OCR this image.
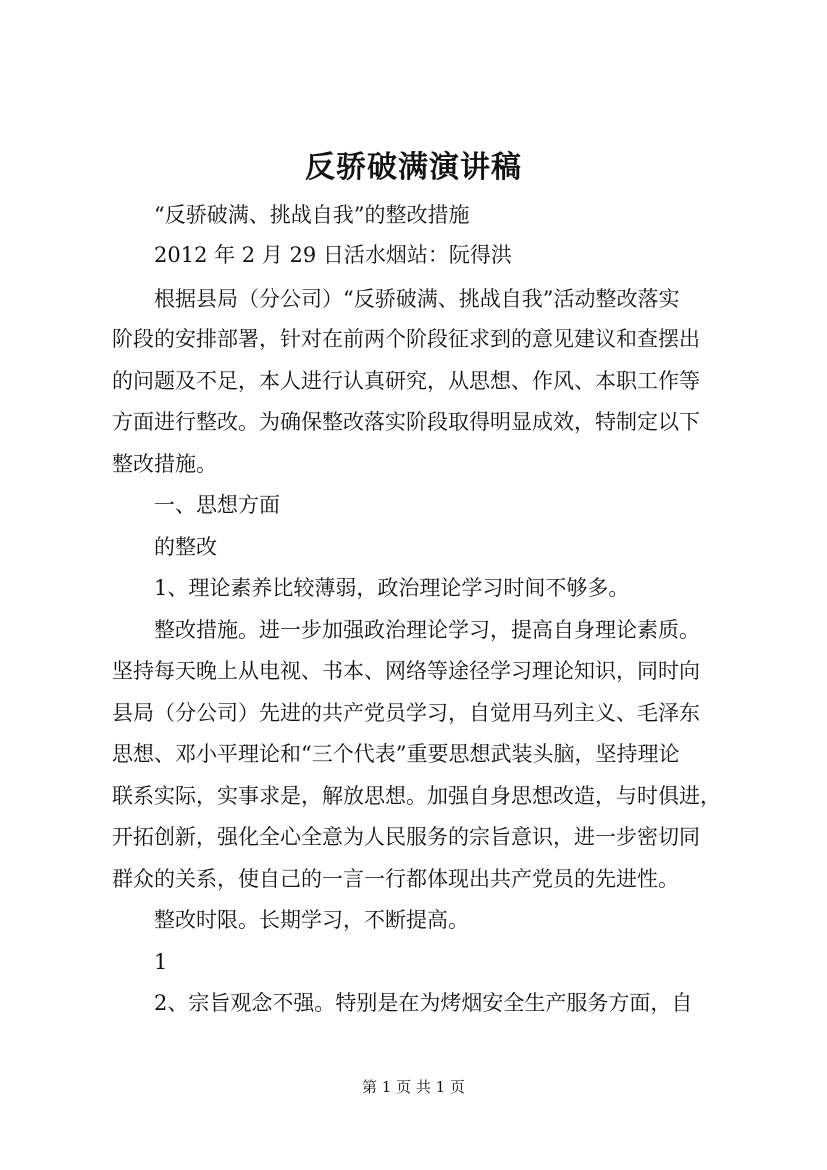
反骄破满演讲稿

“反骄破满、挑战自我”的整改措施

2012 年 2 月 29 日活水烟站：阮得洪

根据县局（分公司）“反骄破满、挑战自我”活动整改落实

阶段的安排部署，针对在前两个阶段征求到的意见建议和查摆出

的问题及不足，本人进行认真研究，从思想、作风、本职工作等

方面进行整改。为确保整改落实阶段取得明显成效，特制定以下

整改措施。

一、思想方面

的整改

1、理论素养比较薄弱，政治理论学习时间不够多。

整改措施。进一步加强政治理论学习，提高自身理论素质。

坚持每天晚上从电视、书本、网络等途径学习理论知识，同时向

县局（分公司）先进的共产党员学习，自觉用马列主义、毛泽东

思想、邓小平理论和“三个代表”重要思想武装头脑，坚持理论

联系实际，实事求是，解放思想。加强自身思想改造，与时俱进，

开拓创新，强化全心全意为人民服务的宗旨意识，进一步密切同

群众的关系，使自己的一言一行都体现出共产党员的先进性。

整改时限。长期学习，不断提高。

1

2、宗旨观念不强。特别是在为烤烟安全生产服务方面，自

第 1 页 共 1 页
